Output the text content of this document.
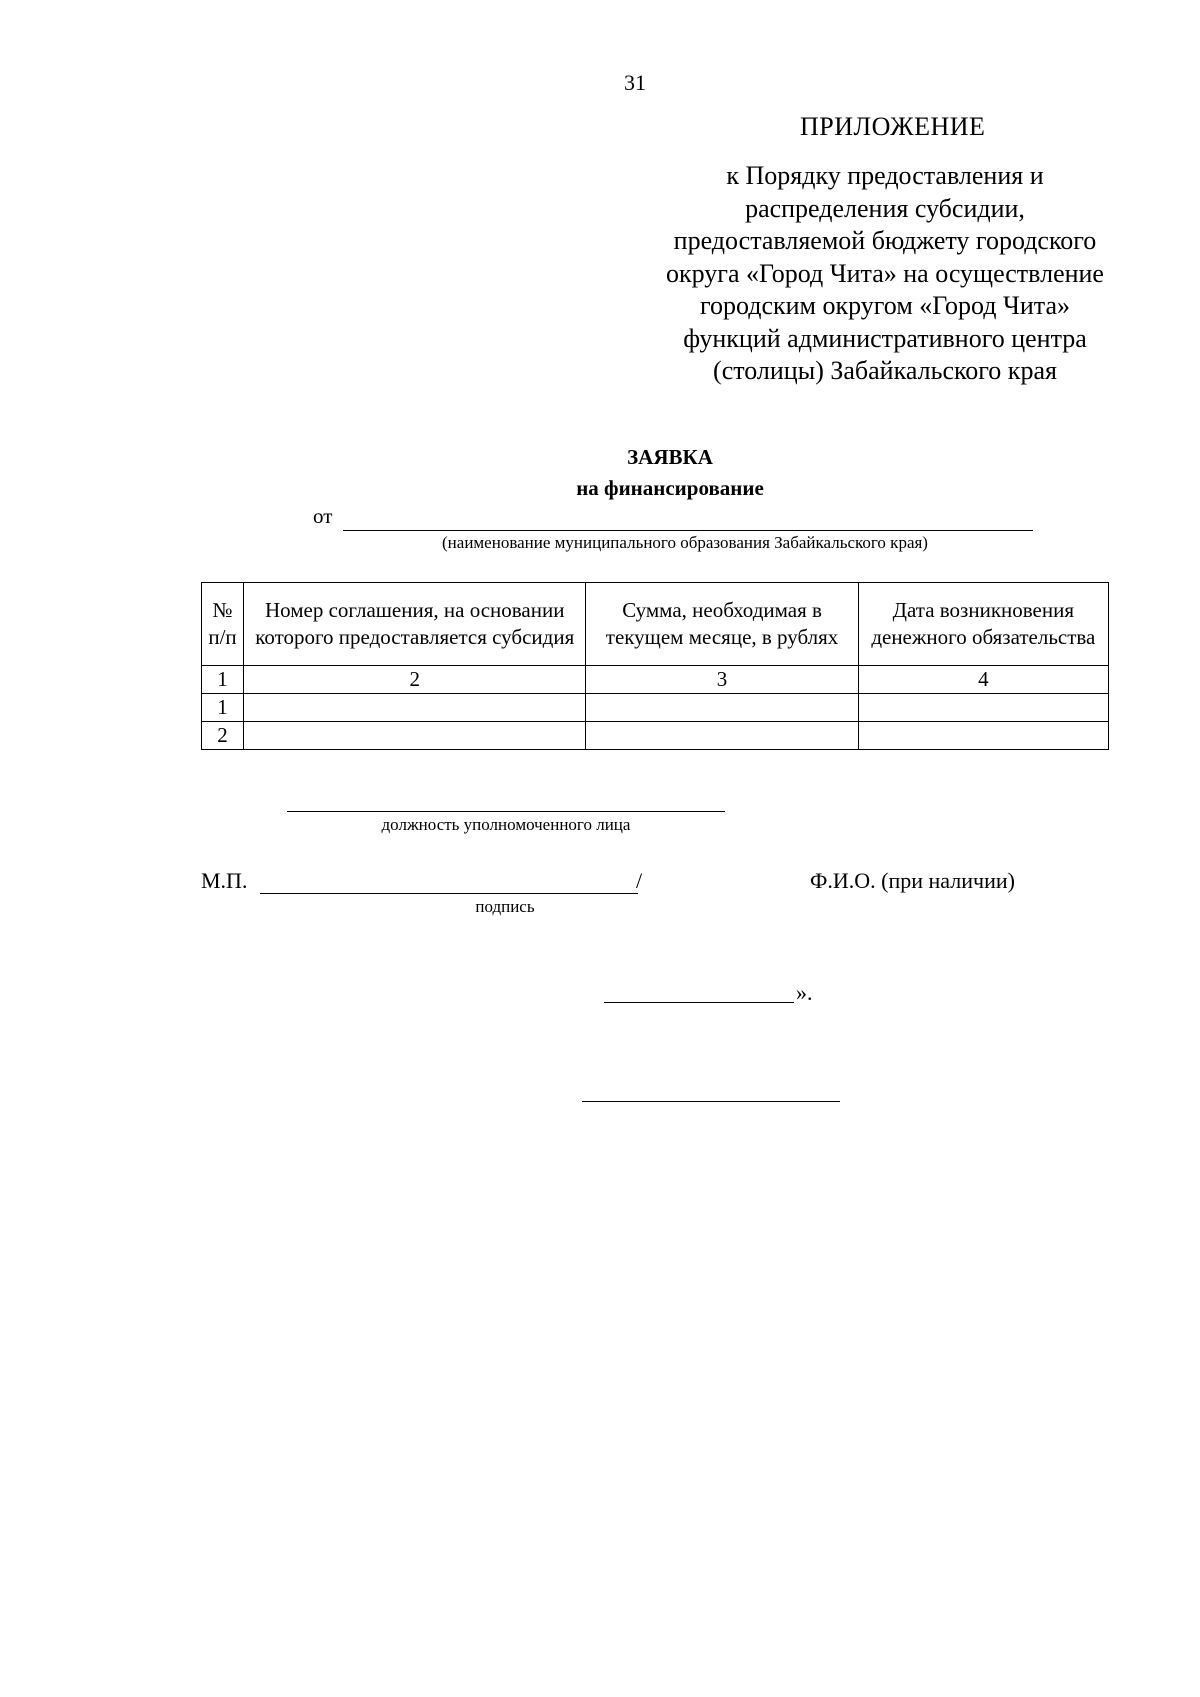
31
ПРИЛОЖЕНИЕ
к Порядку предоставления и
распределения субсидии,
предоставляемой бюджету городского
округа «Город Чита» на осуществление
городским округом «Город Чита»
функций административного центра
(столицы) Забайкальского края
ЗАЯВКА
на финансирование
от
(наименование муниципального образования Забайкальского края)
№ п/п	Номер соглашения, на основании которого предоставляется субсидия	Сумма, необходимая в текущем месяце, в рублях	Дата возникновения денежного обязательства
1	2	3	4
1			
2			
должность уполномоченного лица
М.П.	/
подпись
Ф.И.О. (при наличии)
».
